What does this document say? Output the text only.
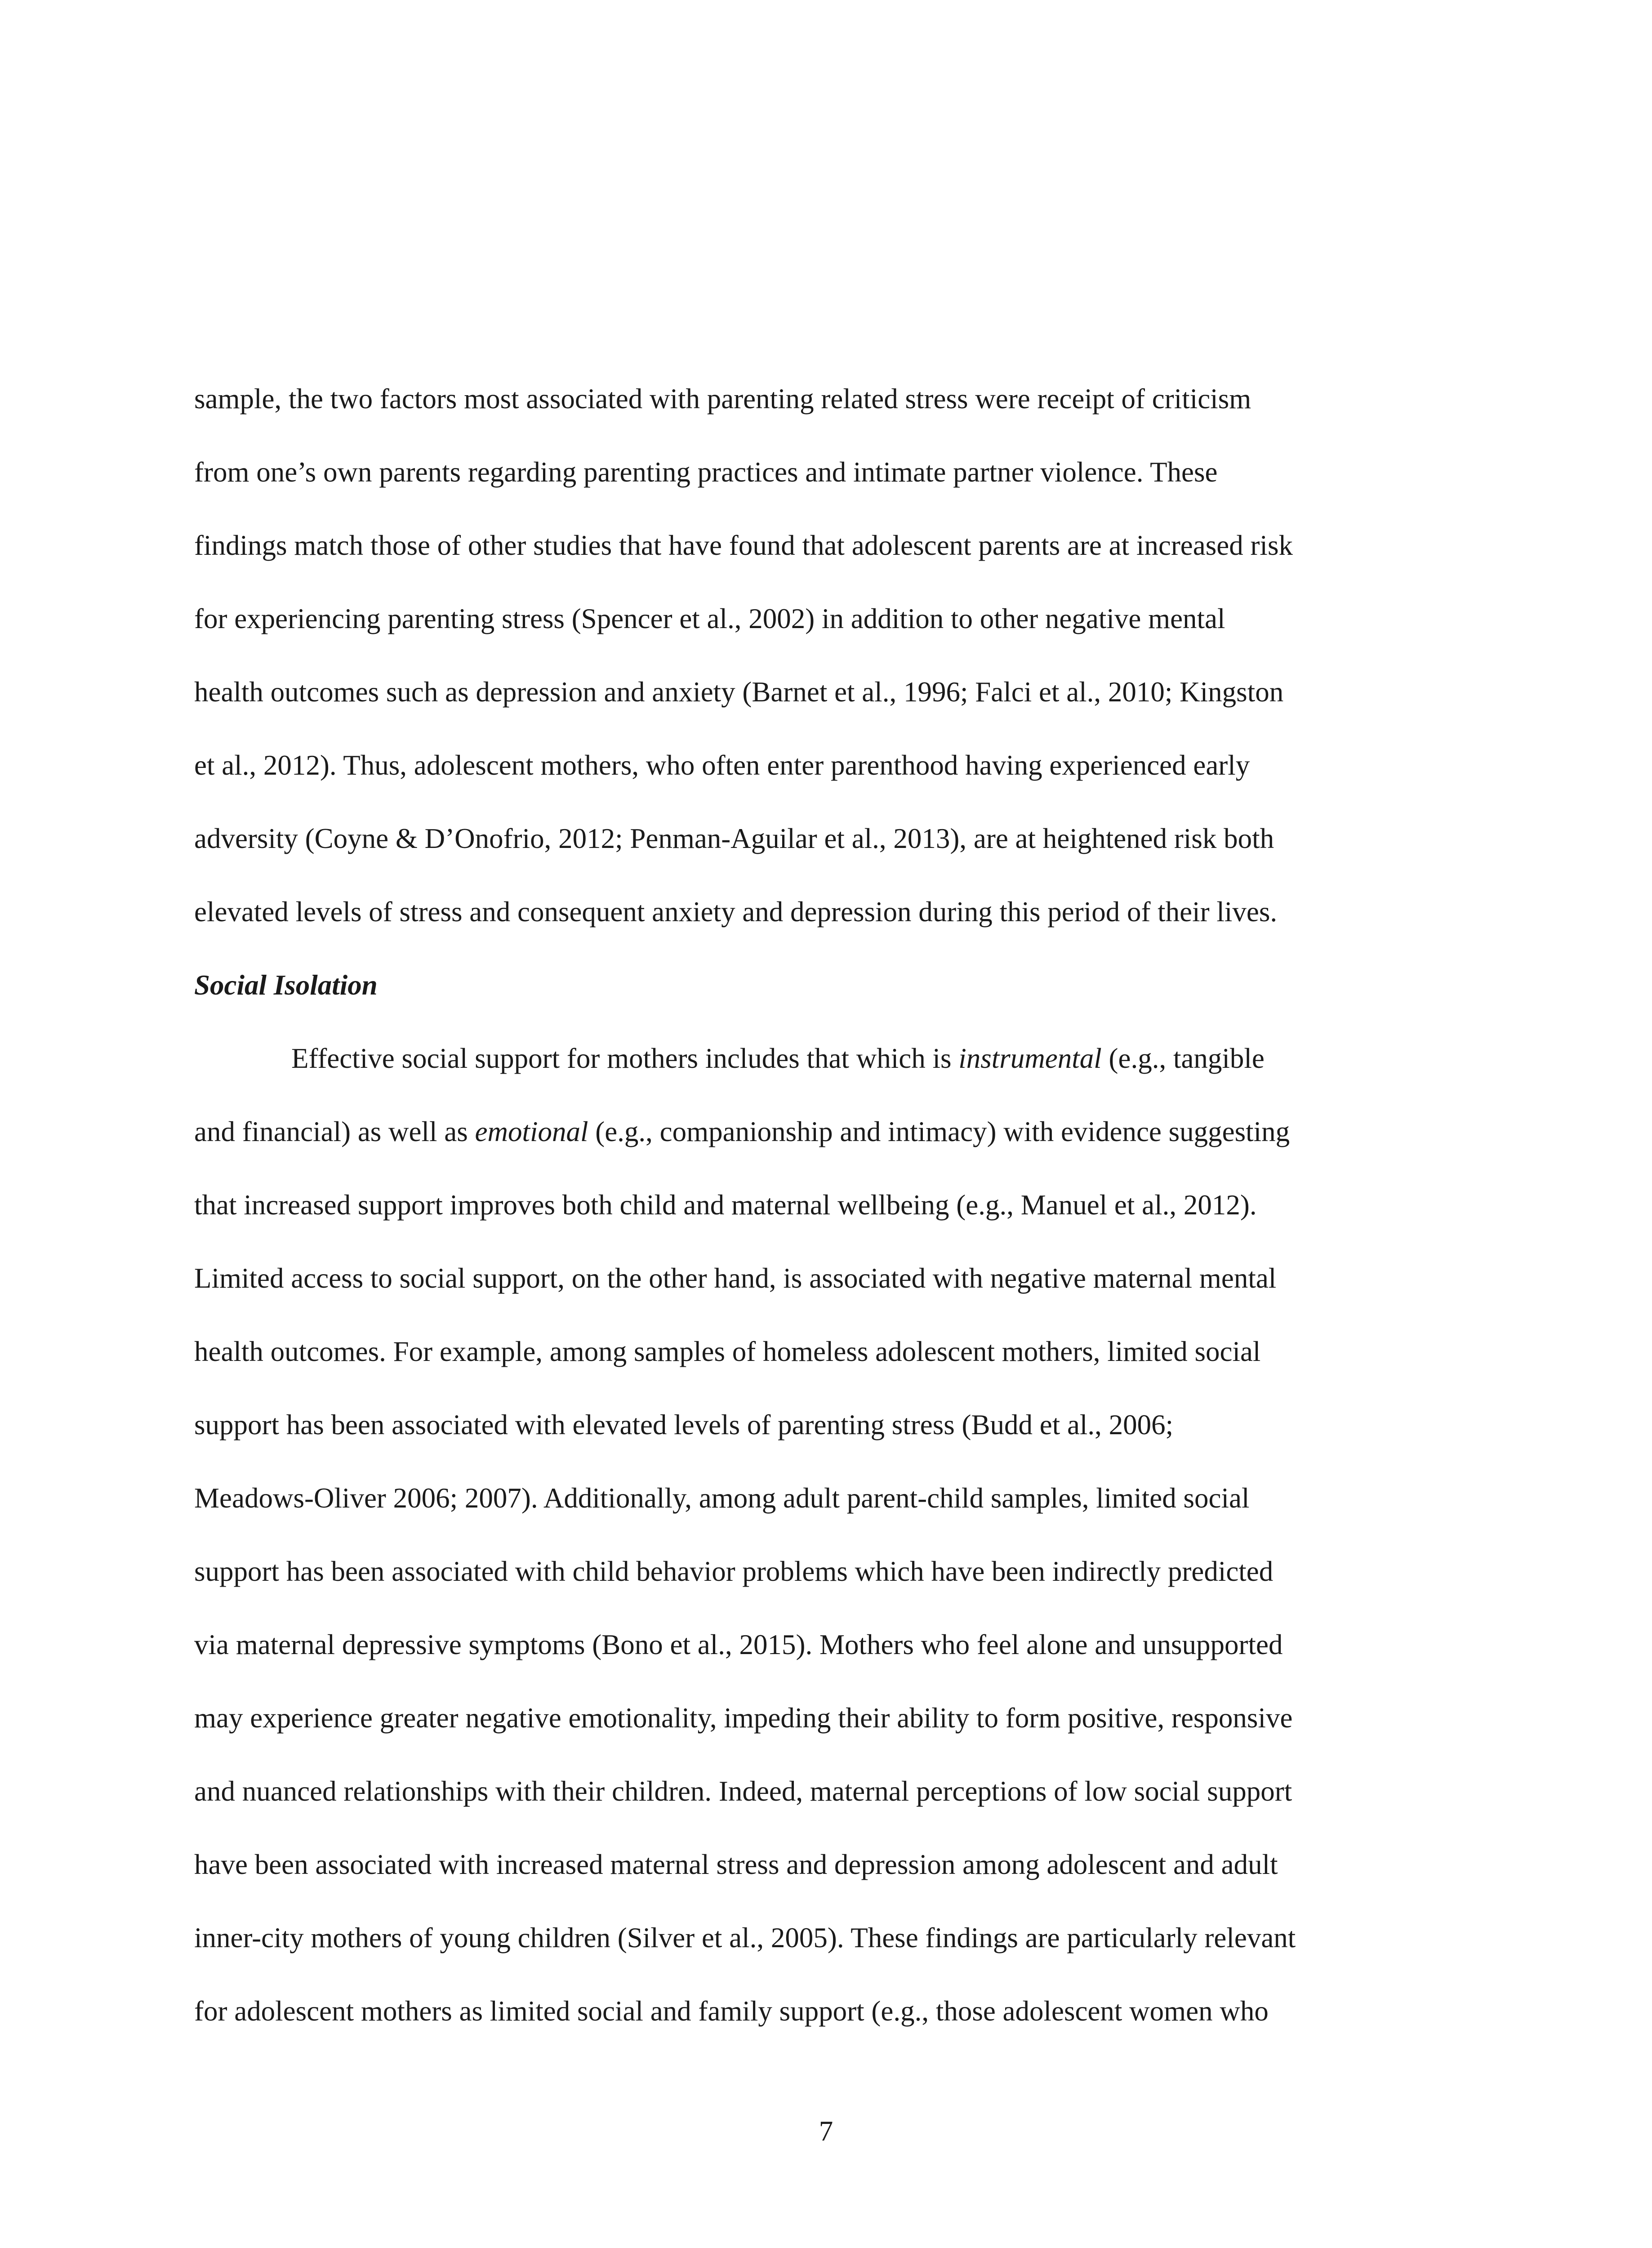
sample, the two factors most associated with parenting related stress were receipt of criticism
from one’s own parents regarding parenting practices and intimate partner violence. These
findings match those of other studies that have found that adolescent parents are at increased risk
for experiencing parenting stress (Spencer et al., 2002) in addition to other negative mental
health outcomes such as depression and anxiety (Barnet et al., 1996; Falci et al., 2010; Kingston
et al., 2012). Thus, adolescent mothers, who often enter parenthood having experienced early
adversity (Coyne & D’Onofrio, 2012; Penman-Aguilar et al., 2013), are at heightened risk both
elevated levels of stress and consequent anxiety and depression during this period of their lives.
Social Isolation
Effective social support for mothers includes that which is instrumental (e.g., tangible
and financial) as well as emotional (e.g., companionship and intimacy) with evidence suggesting
that increased support improves both child and maternal wellbeing (e.g., Manuel et al., 2012).
Limited access to social support, on the other hand, is associated with negative maternal mental
health outcomes. For example, among samples of homeless adolescent mothers, limited social
support has been associated with elevated levels of parenting stress (Budd et al., 2006;
Meadows-Oliver 2006; 2007). Additionally, among adult parent-child samples, limited social
support has been associated with child behavior problems which have been indirectly predicted
via maternal depressive symptoms (Bono et al., 2015). Mothers who feel alone and unsupported
may experience greater negative emotionality, impeding their ability to form positive, responsive
and nuanced relationships with their children. Indeed, maternal perceptions of low social support
have been associated with increased maternal stress and depression among adolescent and adult
inner-city mothers of young children (Silver et al., 2005). These findings are particularly relevant
for adolescent mothers as limited social and family support (e.g., those adolescent women who
7
